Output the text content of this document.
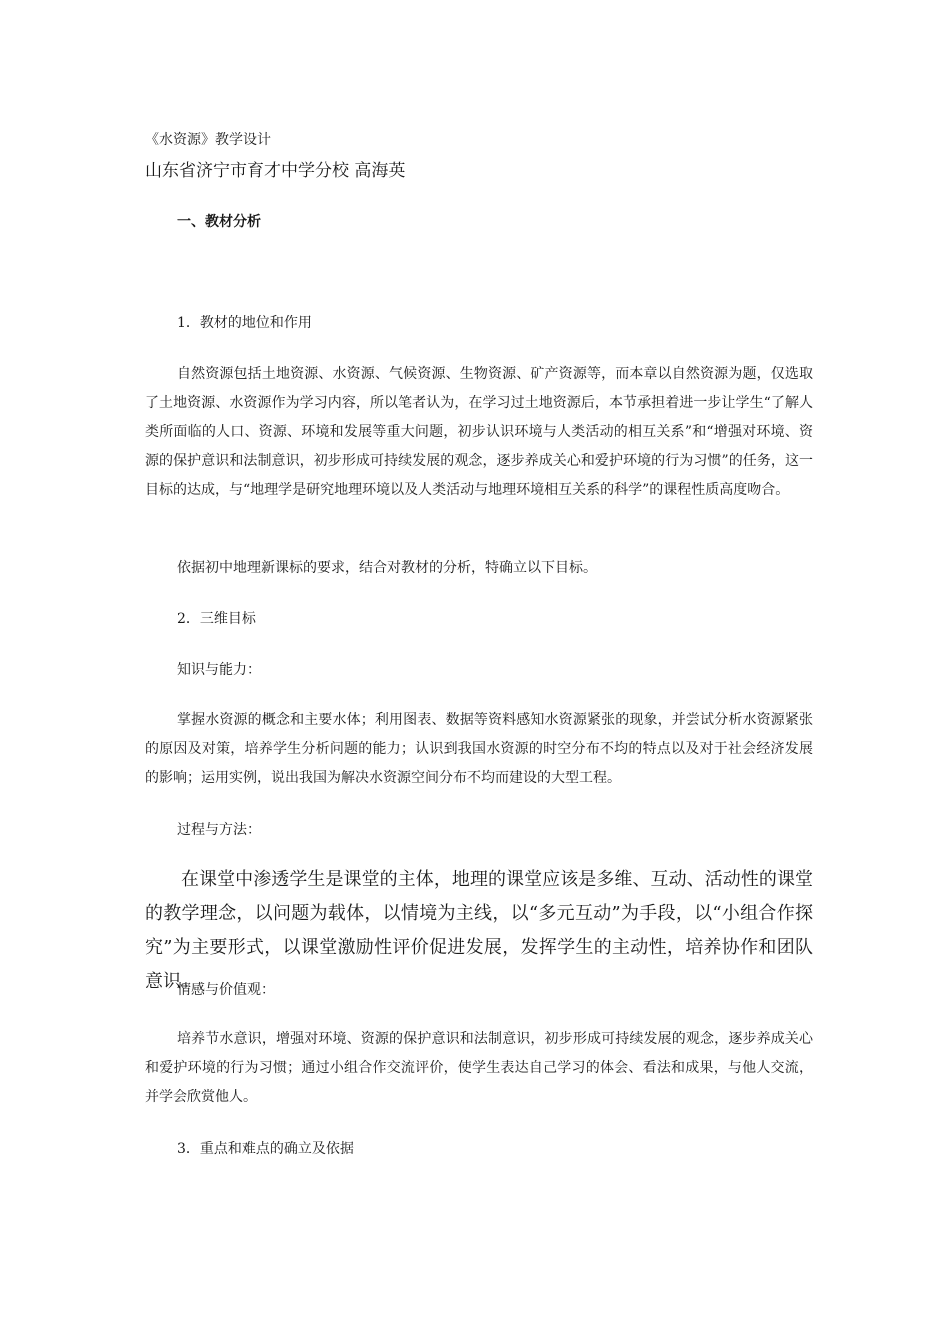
《水资源》教学设计

山东省济宁市育才中学分校 高海英

一、教材分析

1．教材的地位和作用

自然资源包括土地资源、水资源、气候资源、生物资源、矿产资源等，而本章以自然资源为题，仅选取了土地资源、水资源作为学习内容，所以笔者认为，在学习过土地资源后，本节承担着进一步让学生“了解人类所面临的人口、资源、环境和发展等重大问题，初步认识环境与人类活动的相互关系”和“增强对环境、资源的保护意识和法制意识，初步形成可持续发展的观念，逐步养成关心和爱护环境的行为习惯”的任务，这一目标的达成，与“地理学是研究地理环境以及人类活动与地理环境相互关系的科学”的课程性质高度吻合。

依据初中地理新课标的要求，结合对教材的分析，特确立以下目标。

2．三维目标

知识与能力：

掌握水资源的概念和主要水体；利用图表、数据等资料感知水资源紧张的现象，并尝试分析水资源紧张的原因及对策，培养学生分析问题的能力；认识到我国水资源的时空分布不均的特点以及对于社会经济发展的影响；运用实例，说出我国为解决水资源空间分布不均而建设的大型工程。

过程与方法：

在课堂中渗透学生是课堂的主体，地理的课堂应该是多维、互动、活动性的课堂的教学理念，以问题为载体，以情境为主线，以“多元互动”为手段，以“小组合作探究”为主要形式，以课堂激励性评价促进发展，发挥学生的主动性，培养协作和团队意识。

情感与价值观：

培养节水意识，增强对环境、资源的保护意识和法制意识，初步形成可持续发展的观念，逐步养成关心和爱护环境的行为习惯；通过小组合作交流评价，使学生表达自己学习的体会、看法和成果，与他人交流，并学会欣赏他人。

3．重点和难点的确立及依据
